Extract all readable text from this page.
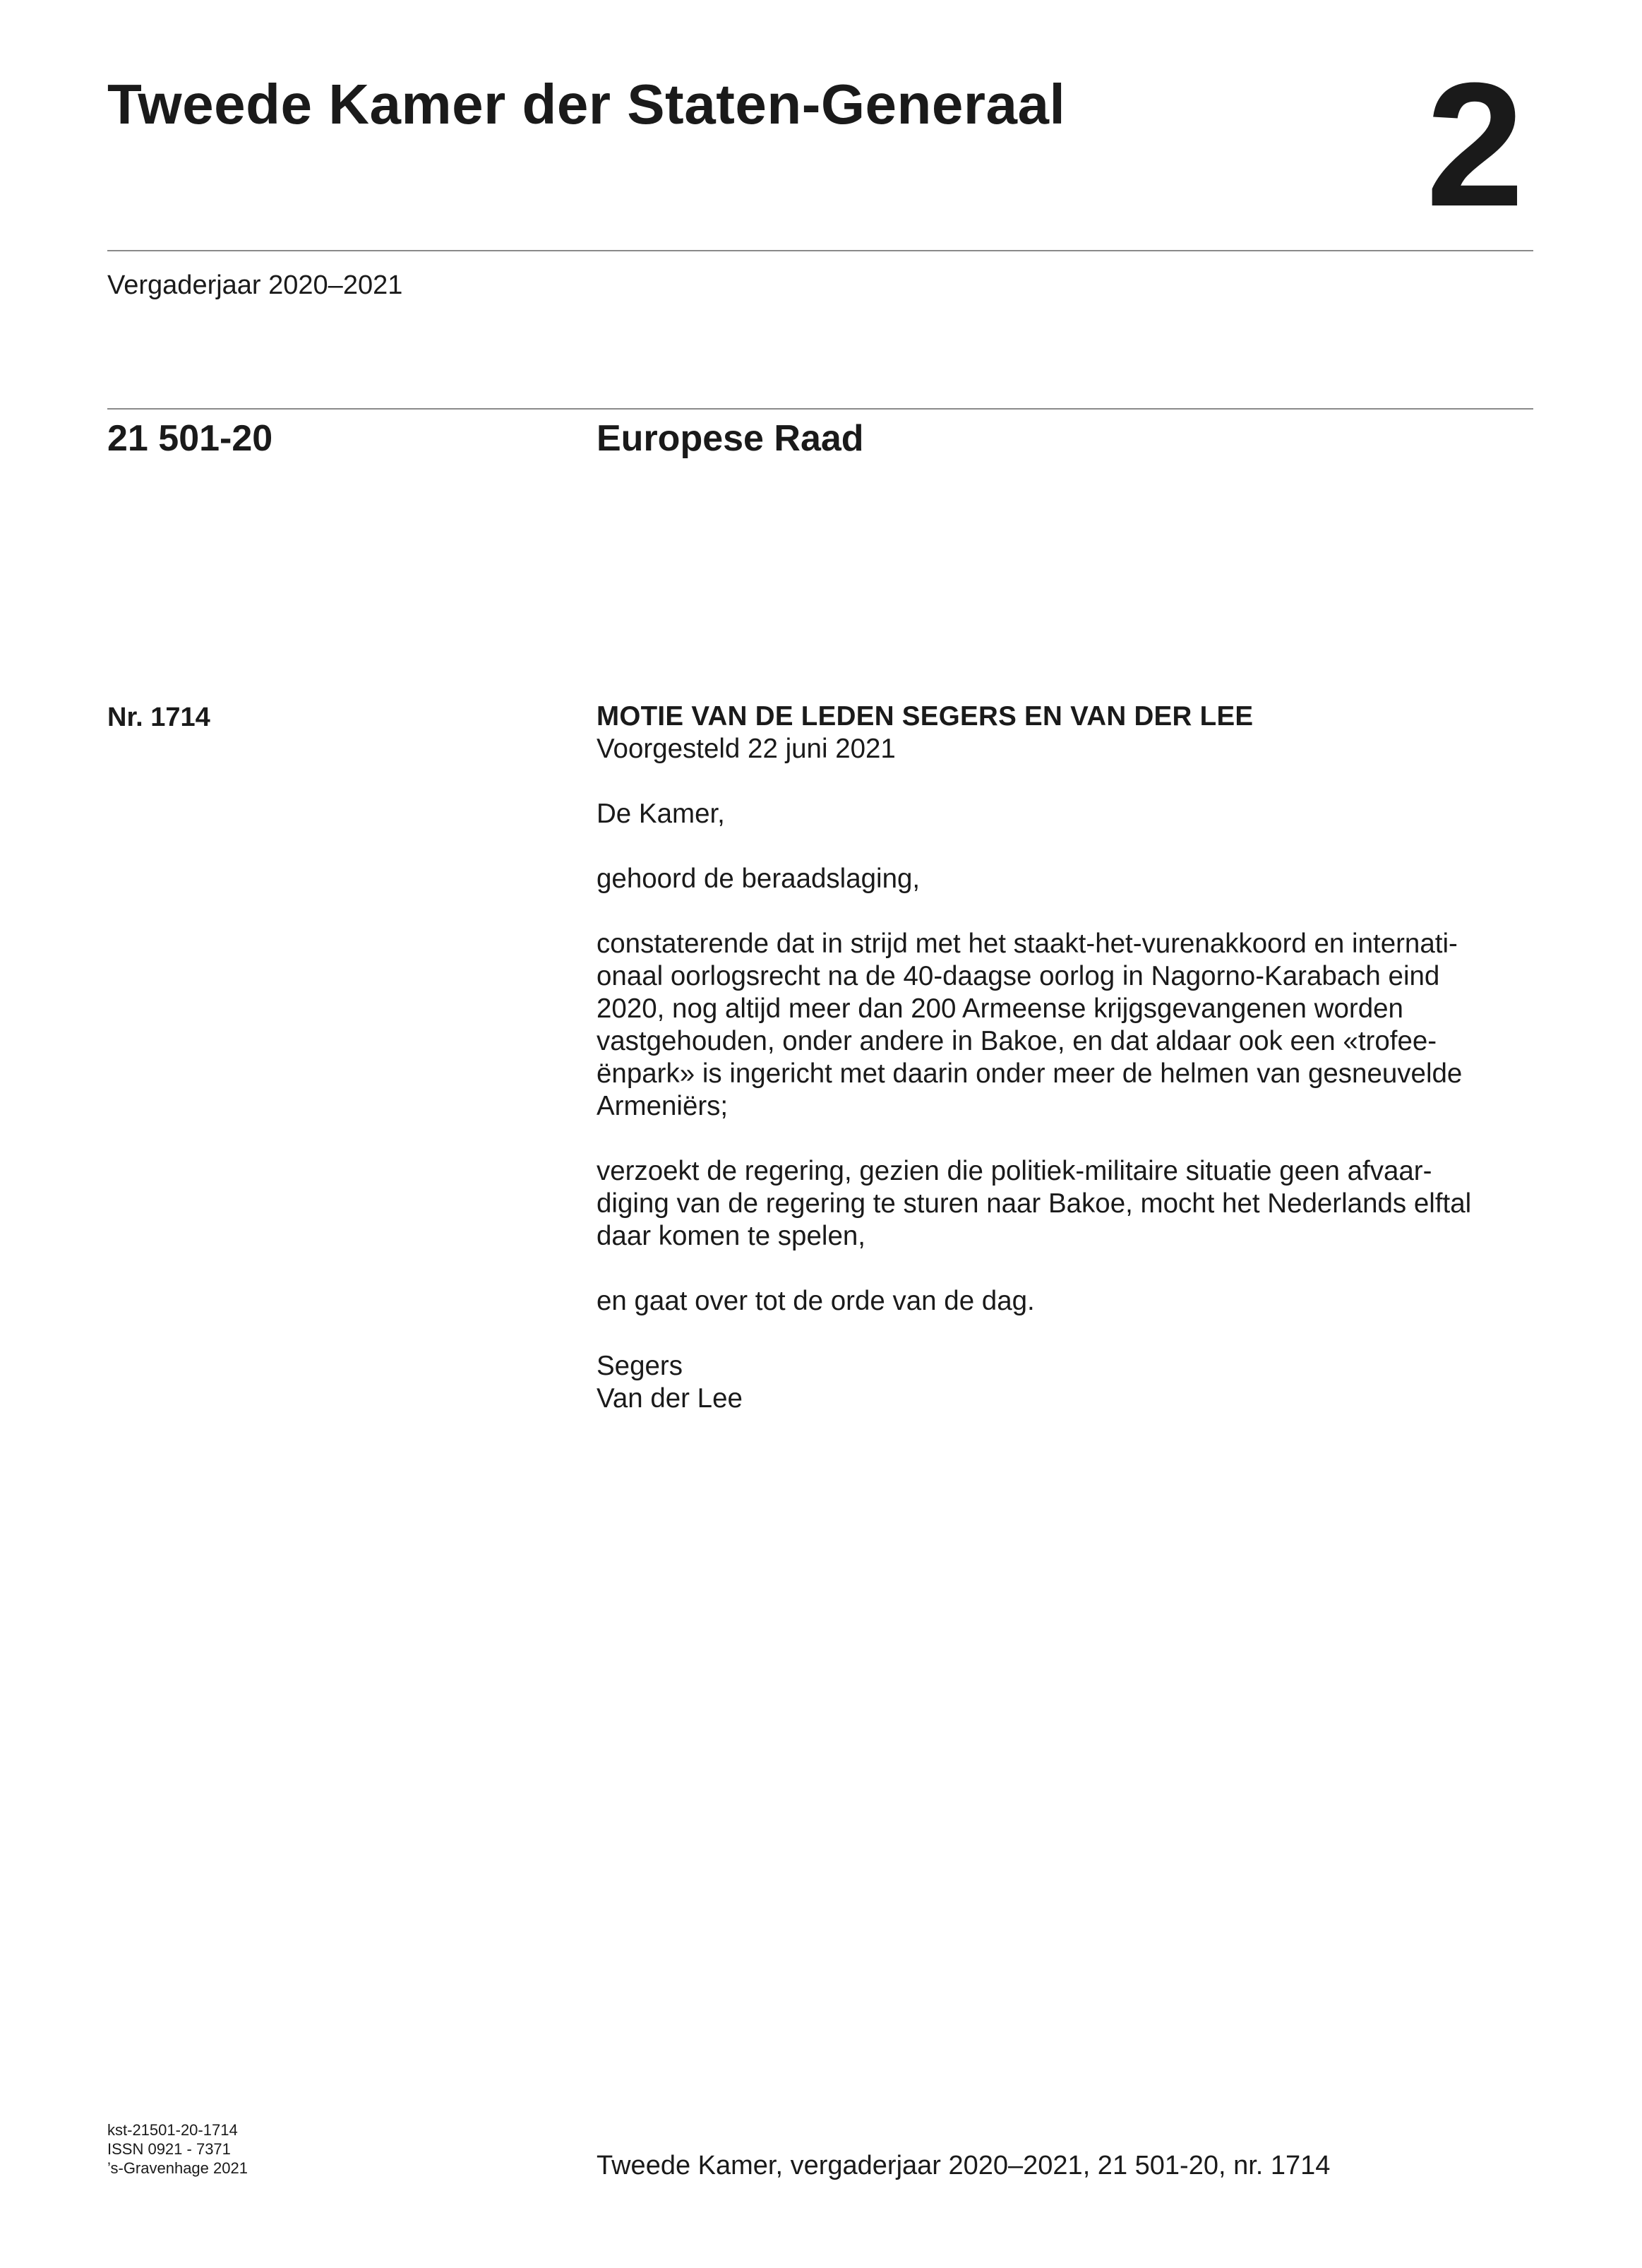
Tweede Kamer der Staten-Generaal 2
Vergaderjaar 2020–2021
21 501-20	Europese Raad
Nr. 1714	MOTIE VAN DE LEDEN SEGERS EN VAN DER LEE
Voorgesteld 22 juni 2021
De Kamer,
gehoord de beraadslaging,
constaterende dat in strijd met het staakt-het-vurenakkoord en internati-
onaal oorlogsrecht na de 40-daagse oorlog in Nagorno-Karabach eind
2020, nog altijd meer dan 200 Armeense krijgsgevangenen worden
vastgehouden, onder andere in Bakoe, en dat aldaar ook een «trofee-
ënpark» is ingericht met daarin onder meer de helmen van gesneuvelde
Armeniërs;
verzoekt de regering, gezien die politiek-militaire situatie geen afvaar-
diging van de regering te sturen naar Bakoe, mocht het Nederlands elftal
daar komen te spelen,
en gaat over tot de orde van de dag.
Segers
Van der Lee
kst-21501-20-1714
ISSN 0921 - 7371
’s-Gravenhage 2021	Tweede Kamer, vergaderjaar 2020–2021, 21 501-20, nr. 1714
